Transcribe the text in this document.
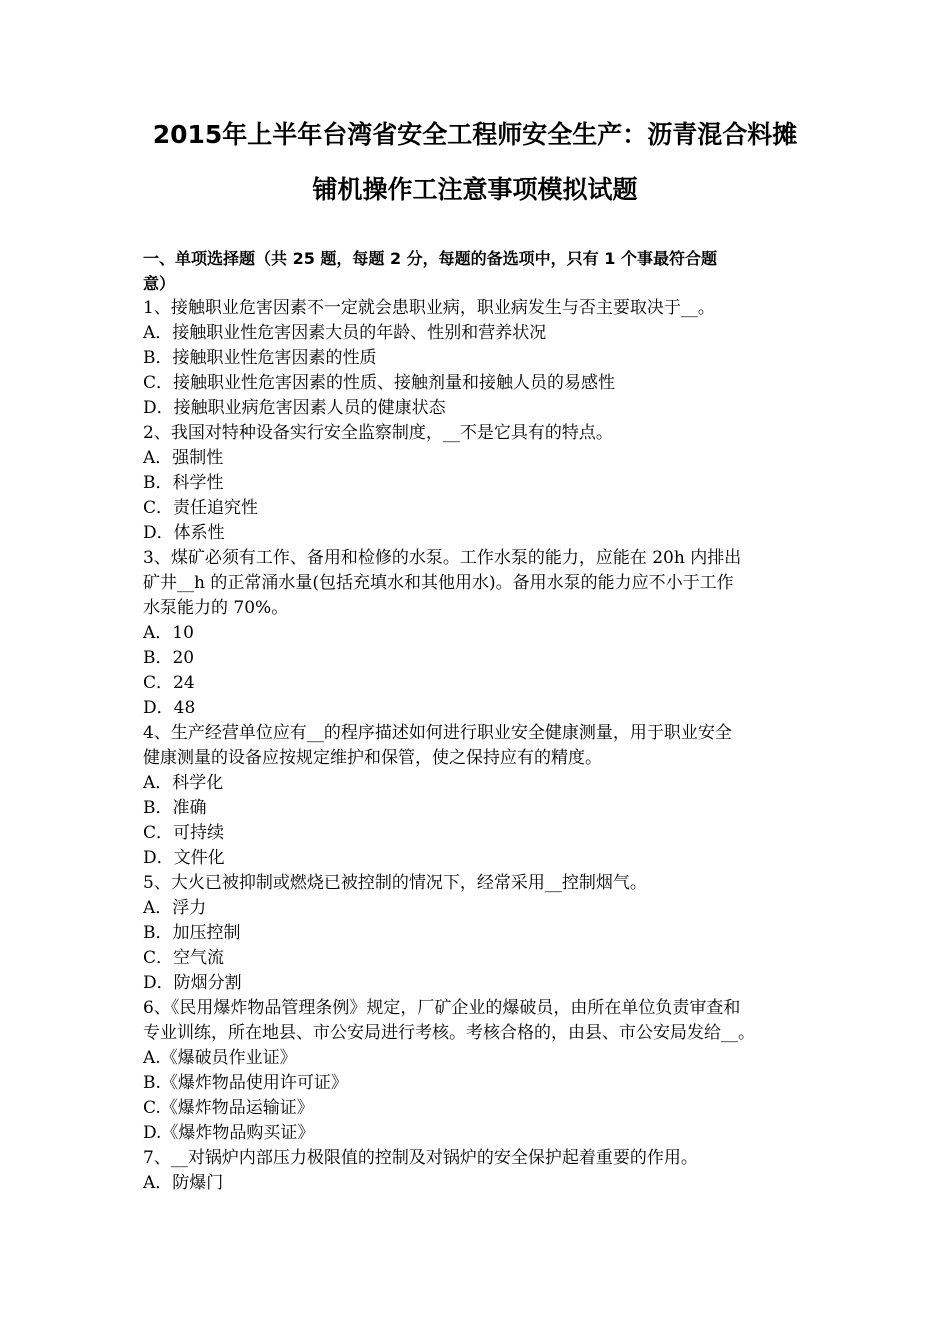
2015年上半年台湾省安全工程师安全生产：沥青混合料摊
铺机操作工注意事项模拟试题
一、单项选择题（共 25 题，每题 2 分，每题的备选项中，只有 1 个事最符合题
意）
1、接触职业危害因素不一定就会患职业病，职业病发生与否主要取决于__。
A．接触职业性危害因素大员的年龄、性别和营养状况
B．接触职业性危害因素的性质
C．接触职业性危害因素的性质、接触剂量和接触人员的易感性
D．接触职业病危害因素人员的健康状态
2、我国对特种设备实行安全监察制度，__不是它具有的特点。
A．强制性
B．科学性
C．责任追究性
D．体系性
3、煤矿必须有工作、备用和检修的水泵。工作水泵的能力，应能在 20h 内排出
矿井__h 的正常涌水量(包括充填水和其他用水)。备用水泵的能力应不小于工作
水泵能力的 70%。
A．10
B．20
C．24
D．48
4、生产经营单位应有__的程序描述如何进行职业安全健康测量，用于职业安全
健康测量的设备应按规定维护和保管，使之保持应有的精度。
A．科学化
B．准确
C．可持续
D．文件化
5、大火已被抑制或燃烧已被控制的情况下，经常采用__控制烟气。
A．浮力
B．加压控制
C．空气流
D．防烟分割
6、《民用爆炸物品管理条例》规定，厂矿企业的爆破员，由所在单位负责审查和
专业训练，所在地县、市公安局进行考核。考核合格的，由县、市公安局发给__。
A.《爆破员作业证》
B.《爆炸物品使用许可证》
C.《爆炸物品运输证》
D.《爆炸物品购买证》
7、__对锅炉内部压力极限值的控制及对锅炉的安全保护起着重要的作用。
A．防爆门
